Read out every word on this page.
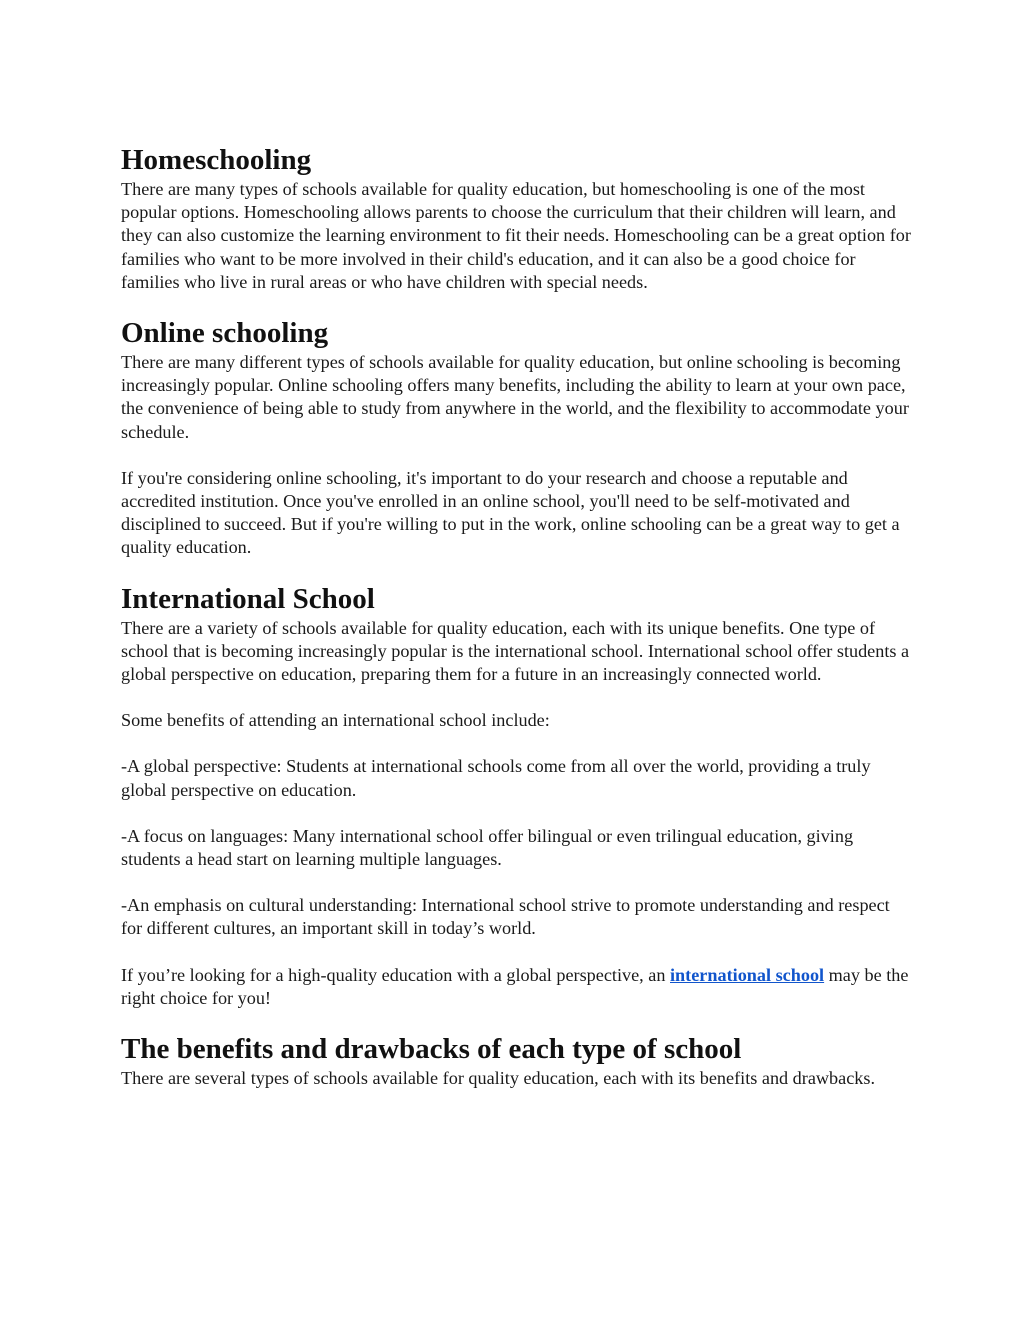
Homeschooling

There are many types of schools available for quality education, but homeschooling is one of the most popular options. Homeschooling allows parents to choose the curriculum that their children will learn, and they can also customize the learning environment to fit their needs. Homeschooling can be a great option for families who want to be more involved in their child's education, and it can also be a good choice for families who live in rural areas or who have children with special needs.

Online schooling

There are many different types of schools available for quality education, but online schooling is becoming increasingly popular. Online schooling offers many benefits, including the ability to learn at your own pace, the convenience of being able to study from anywhere in the world, and the flexibility to accommodate your schedule.

If you're considering online schooling, it's important to do your research and choose a reputable and accredited institution. Once you've enrolled in an online school, you'll need to be self-motivated and disciplined to succeed. But if you're willing to put in the work, online schooling can be a great way to get a quality education.

International School

There are a variety of schools available for quality education, each with its unique benefits. One type of school that is becoming increasingly popular is the international school. International school offer students a global perspective on education, preparing them for a future in an increasingly connected world.

Some benefits of attending an international school include:

-A global perspective: Students at international schools come from all over the world, providing a truly global perspective on education.

-A focus on languages: Many international school offer bilingual or even trilingual education, giving students a head start on learning multiple languages.

-An emphasis on cultural understanding: International school strive to promote understanding and respect for different cultures, an important skill in today’s world.

If you’re looking for a high-quality education with a global perspective, an international school may be the right choice for you!

The benefits and drawbacks of each type of school

There are several types of schools available for quality education, each with its benefits and drawbacks.
